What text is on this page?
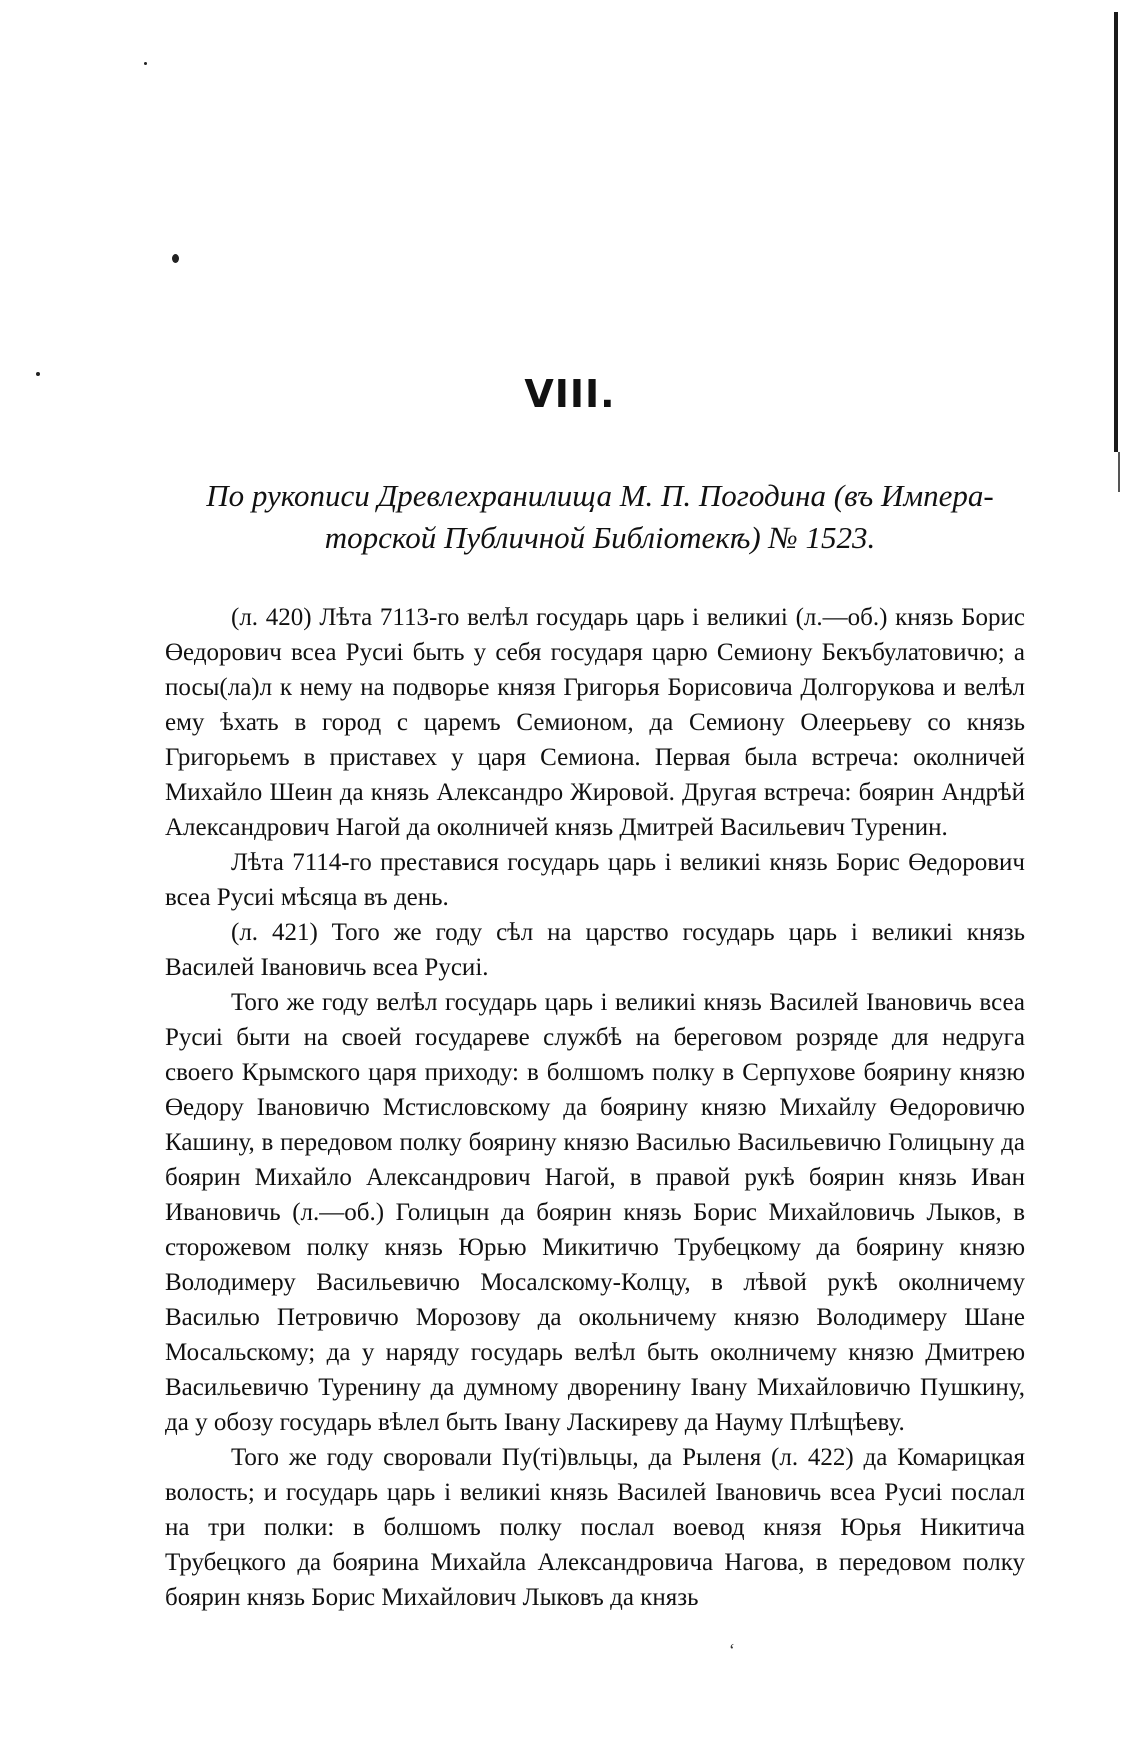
VIII.
По рукописи Древлехранилища М. П. Погодина (въ Импера-
торской Публичной Библіотекѣ) № 1523.

(л. 420) Лѣта 7113-го велѣл государь царь і великиі (л.—об.) князь Борис Өедорович всеа Русиі быть у себя государя царю Семиону Бекъбулатовичю; а посы(ла)л к нему на подворье князя Григорья Борисовича Долгорукова и велѣл ему ѣхать в город с царемъ Семионом, да Семиону Олеерьеву со князь Григорьемъ в приставех у царя Семиона. Первая была встреча: околничей Михайло Шеин да князь Александро Жировой. Другая встреча: боярин Андрѣй Александрович Нагой да околничей князь Дмитрей Васильевич Туренин.

Лѣта 7114-го преставися государь царь і великиі князь Борис Өедорович всеа Русиі мѣсяца въ день.

(л. 421) Того же году сѣл на царство государь царь і великиі князь Василей Івановичь всеа Русиі.

Того же году велѣл государь царь і великиі князь Василей Івановичь всеа Русиі быти на своей государеве службѣ на береговом розряде для недруга своего Крымского царя приходу: в болшомъ полку в Серпухове боярину князю Өедору Івановичю Мстисловскому да боярину князю Михайлу Өедоровичю Кашину, в передовом полку боярину князю Василью Васильевичю Голицыну да боярин Михайло Александрович Нагой, в правой рукѣ боярин князь Иван Ивановичь (л.—об.) Голицын да боярин князь Борис Михайловичь Лыков, в сторожевом полку князь Юрью Микитичю Трубецкому да боярину князю Володимеру Васильевичю Мосалскому-Колцу, в лѣвой рукѣ околничему Василью Петровичю Морозову да окольничему князю Володимеру Шане Мосальскому; да у наряду государь велѣл быть околничему князю Дмитрею Васильевичю Туренину да думному дворенину Івану Михайловичю Пушкину, да у обозу государь вѣлел быть Івану Ласкиреву да Науму Плѣщѣеву.

Того же году своровали Пу(ті)вльцы, да Рыленя (л. 422) да Комарицкая волость; и государь царь і великиі князь Василей Івановичь всеа Русиі послал на три полки: в болшомъ полку послал воевод князя Юрья Никитича Трубецкого да боярина Михайла Александровича Нагова, в передовом полку боярин князь Борис Михайлович Лыковъ да князь

‘
